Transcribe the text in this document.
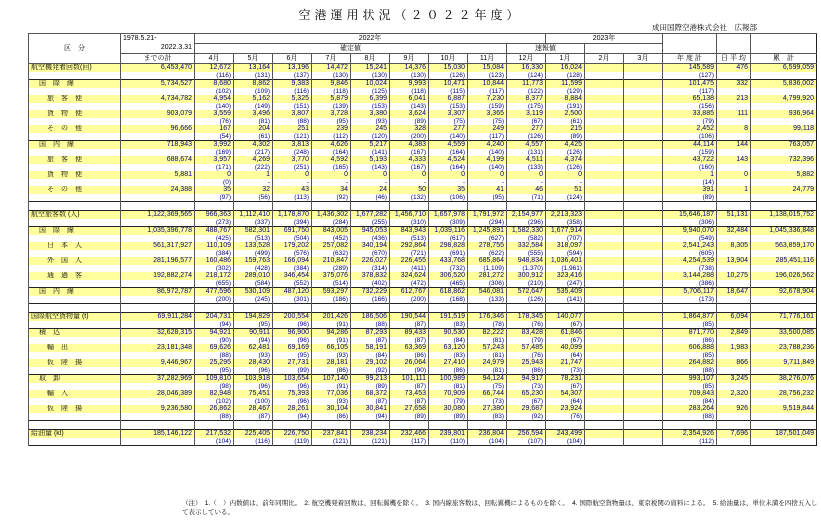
空港運用状況（２０２２年度）
成田国際空港株式会社　広報部
区　分	1978.5.21-
2022.3.31	2022年									2023年					
		確定値								速報値						
	までの計	4月	5月	6月	7月	8月	9月	10月	11月	12月	1月	2月	3月	年 度 計	日 平 均	累　計
航空機発着回数(回)	6,453,470	12,672	13,164	13,196	14,472	15,241	14,376	15,030	15,084	16,330	16,024			145,589	476	6,599,059
		(116)	(131)	(137)	(130)	(130)	(130)	(126)	(123)	(124)	(128)			(127)		
国　際　線	5,734,527	8,680	8,862	9,383	9,846	10,024	9,993	10,471	10,844	11,773	11,599			101,475	332	5,836,002
		(102)	(109)	(116)	(118)	(125)	(118)	(115)	(117)	(122)	(129)			(117)		
旅　客　便	4,734,782	4,954	5,162	5,325	5,879	6,399	6,041	6,887	7,230	8,377	8,884			65,138	213	4,799,920
		(140)	(149)	(151)	(139)	(153)	(143)	(153)	(159)	(175)	(191)			(156)		
貨　物　便	903,079	3,559	3,496	3,807	3,728	3,380	3,624	3,307	3,365	3,119	2,500			33,885	111	936,964
		(76)	(81)	(88)	(95)	(93)	(89)	(75)	(75)	(67)	(61)			(79)		
そ　の　他	96,666	167	204	251	239	245	328	277	249	277	215			2,452	8	99,118
		(54)	(61)	(121)	(112)	(120)	(200)	(140)	(117)	(126)	(89)			(106)		
国　内　線	718,943	3,992	4,302	3,813	4,626	5,217	4,383	4,559	4,240	4,557	4,425			44,114	144	763,057
		(169)	(217)	(248)	(164)	(141)	(167)	(164)	(140)	(131)	(126)			(159)		
旅　客　便	688,674	3,957	4,269	3,770	4,592	5,193	4,333	4,524	4,199	4,511	4,374			43,722	143	732,396
		(171)	(222)	(251)	(165)	(143)	(167)	(164)	(140)	(133)	(126)			(160)		
貨　物　便	5,881	0	1	0	0	0	0	0	0	0	0			1	0	5,882
		(0)	-	-	-	-	-	-	-	-	-			(14)		
そ　の　他	24,388	35	32	43	34	24	50	35	41	46	51			391	1	24,779
		(97)	(56)	(113)	(92)	(46)	(132)	(106)	(95)	(71)	(124)			(89)		

航空旅客数 (人)	1,122,369,565	966,363	1,112,410	1,178,870	1,436,302	1,677,282	1,456,710	1,657,978	1,791,972	2,154,977	2,213,323			15,646,187	51,131	1,138,015,752
		(273)	(337)	(394)	(284)	(255)	(310)	(309)	(294)	(296)	(358)			(306)		
国　際　線	1,035,396,778	488,767	582,301	691,750	843,005	945,053	843,943	1,039,116	1,245,891	1,582,330	1,677,914			9,940,070	32,484	1,045,336,848
		(425)	(513)	(504)	(452)	(436)	(513)	(617)	(627)	(582)	(707)			(549)		
日　本　人	561,317,927	110,109	133,528	179,202	257,082	340,194	292,864	298,828	278,755	332,584	318,097			2,541,243	8,305	563,859,170
		(384)	(499)	(576)	(632)	(670)	(721)	(691)	(622)	(555)	(594)			(605)		
外　国　人	281,196,577	160,486	159,763	166,094	210,847	226,027	226,455	433,768	685,864	948,834	1,036,401			4,254,539	13,904	285,451,116
		(302)	(428)	(384)	(289)	(314)	(411)	(732)	(1,109)	(1,370)	(1,961)			(738)		
通　過　客	192,882,274	218,172	289,010	346,454	375,076	378,832	324,624	306,520	281,272	300,912	323,416			3,144,288	10,275	196,026,562
		(655)	(584)	(552)	(514)	(402)	(472)	(465)	(306)	(210)	(247)			(386)		
国　内　線	86,972,787	477,596	530,109	487,120	593,297	732,229	612,767	618,862	546,081	572,647	535,409			5,706,117	18,647	92,678,904
		(200)	(245)	(301)	(186)	(166)	(200)	(168)	(133)	(126)	(141)			(173)		

国際航空貨物量 (t)	69,911,284	204,731	194,829	200,554	201,426	186,506	190,544	191,519	176,346	178,345	140,077			1,864,877	6,094	71,776,161
		(94)	(95)	(96)	(91)	(88)	(87)	(83)	(78)	(76)	(67)			(85)		
積　込	32,628,315	94,921	90,911	96,900	94,286	87,293	89,433	90,530	82,222	83,428	61,846			871,770	2,849	33,500,085
		(90)	(94)	(96)	(91)	(87)	(87)	(84)	(81)	(79)	(67)			(86)		
輸　出	23,181,348	69,626	62,481	69,169	66,105	58,191	63,369	63,120	57,243	57,485	40,099			606,888	1,983	23,788,236
		(88)	(93)	(95)	(93)	(84)	(86)	(83)	(81)	(76)	(64)			(85)		
仮　陸　揚	9,446,967	25,295	28,430	27,731	28,181	29,102	26,064	27,410	24,979	25,943	21,747			264,882	866	9,711,849
		(95)	(96)	(99)	(86)	(92)	(90)	(86)	(81)	(86)	(73)			(88)		
取　卸	37,282,969	109,810	103,918	103,654	107,140	99,213	101,111	100,989	94,124	94,917	78,231			993,107	3,245	38,276,076
		(98)	(96)	(96)	(91)	(89)	(87)	(81)	(75)	(73)	(67)			(85)		
輸　入	28,046,389	82,948	75,451	75,393	77,036	68,372	73,453	70,909	66,744	65,230	54,307			709,843	2,320	28,756,232
		(102)	(100)	(96)	(93)	(87)	(87)	(79)	(73)	(67)	(64)			(84)		
仮　陸　揚	9,236,580	26,862	28,467	28,261	30,104	30,841	27,658	30,080	27,380	29,687	23,924			283,264	926	9,519,844
		(88)	(87)	(94)	(86)	(94)	(89)	(89)	(83)	(92)	(76)			(88)		

給油量 (kl)	185,146,122	217,532	225,405	226,750	237,841	238,234	232,466	239,801	236,804	256,594	243,499			2,354,926	7,696	187,501,049
		(104)	(116)	(119)	(121)	(121)	(117)	(110)	(104)	(107)	(104)			(112)		
（注）　1.（　）内数値は、前年同期比。　2. 航空機発着回数は、回転翼機を除く。　3. 国内線旅客数は、回転翼機によるものを除く。　4. 国際航空貨物量は、東京税関の資料による。　5. 給油量は、単位未満を四捨五入して表示している。
